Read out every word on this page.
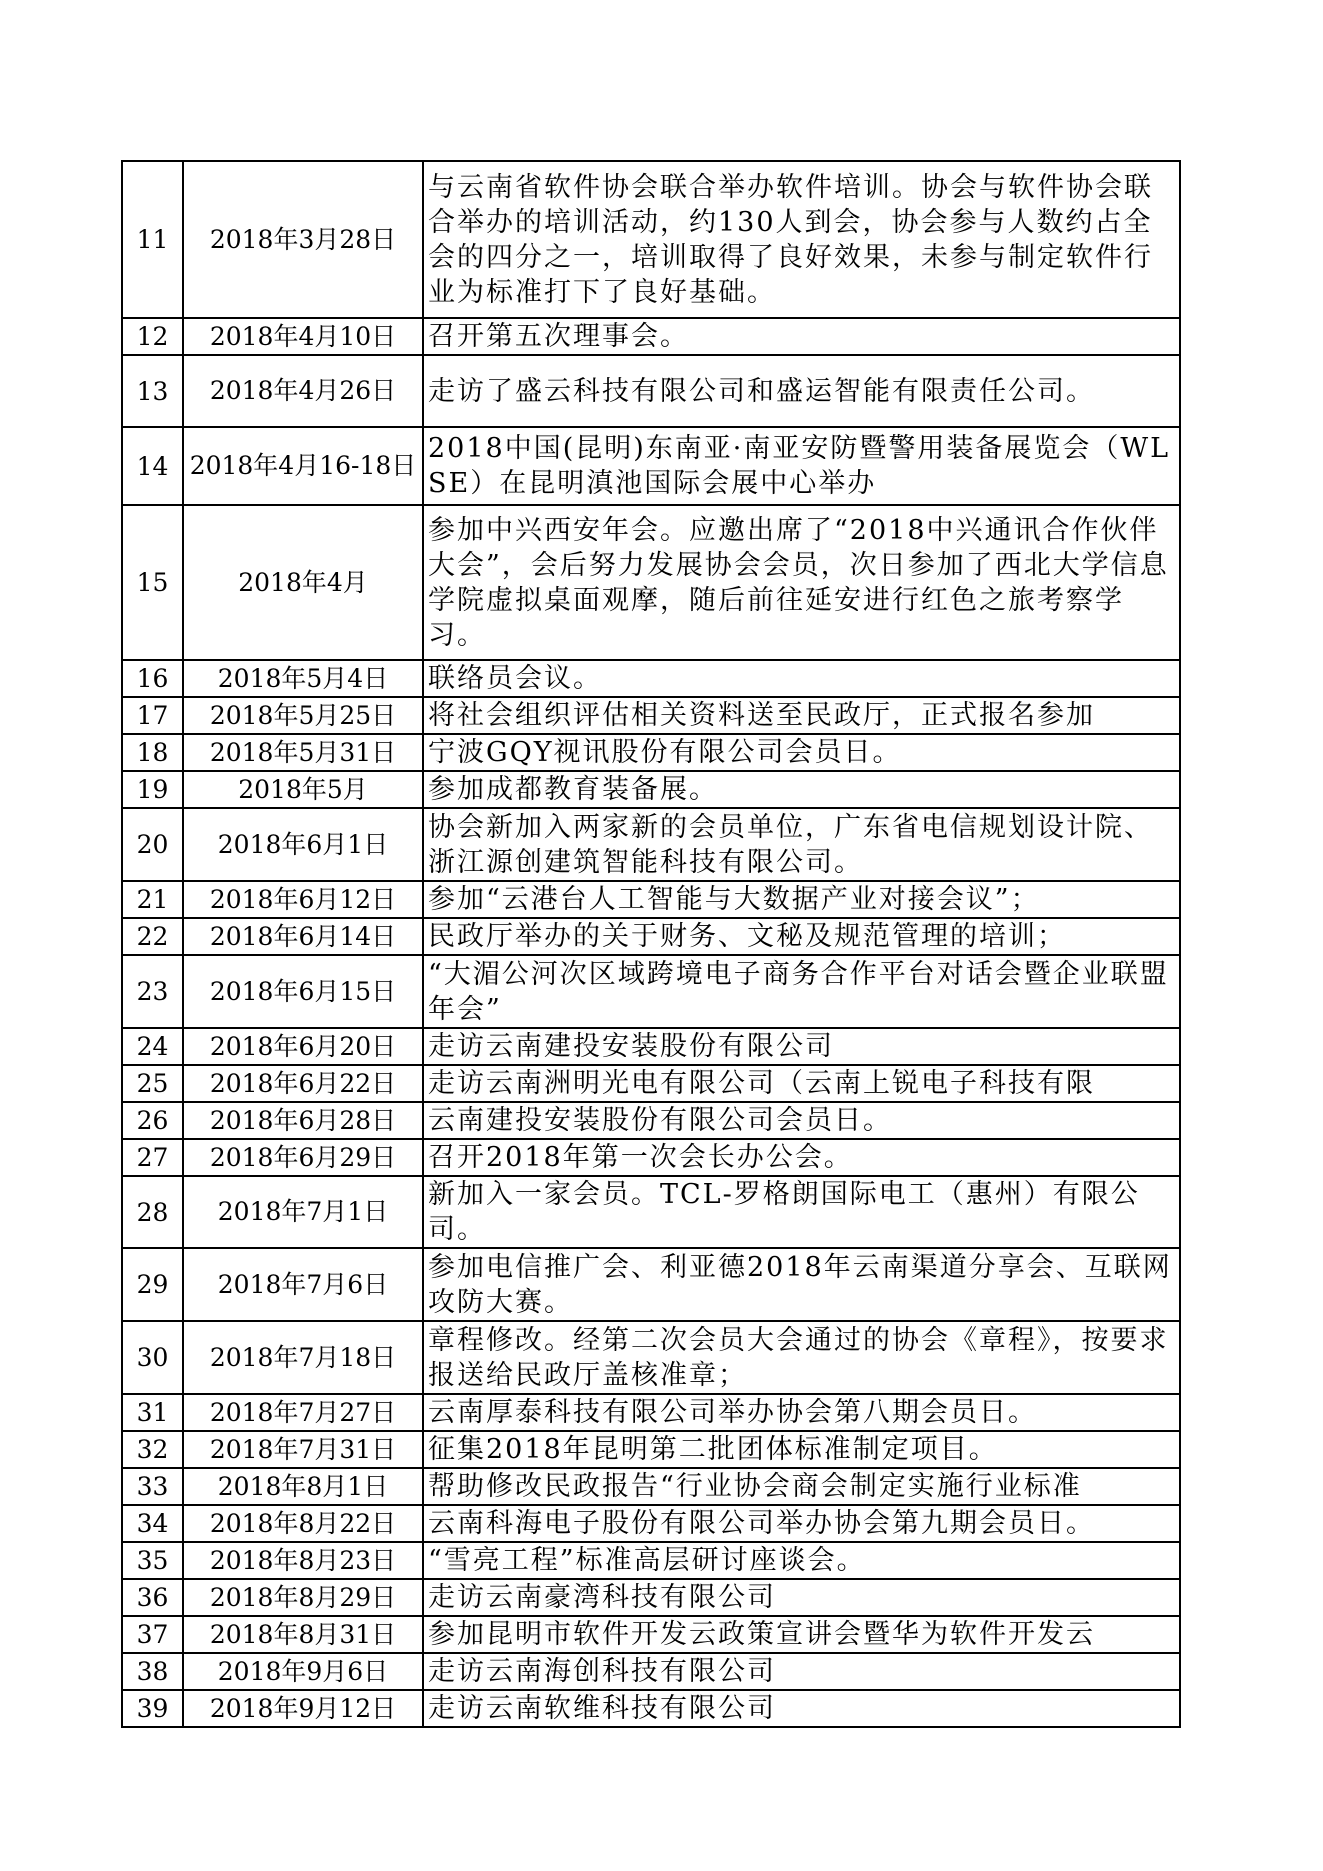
11	2018年3月28日	与云南省软件协会联合举办软件培训。协会与软件协会联合举办的培训活动，约130人到会，协会参与人数约占全会的四分之一，培训取得了良好效果，未参与制定软件行业为标准打下了良好基础。
12	2018年4月10日	召开第五次理事会。
13	2018年4月26日	走访了盛云科技有限公司和盛运智能有限责任公司。
14	2018年4月16-18日	2018中国(昆明)东南亚·南亚安防暨警用装备展览会（WLSE）在昆明滇池国际会展中心举办
15	2018年4月	参加中兴西安年会。应邀出席了“2018中兴通讯合作伙伴大会”，会后努力发展协会会员，次日参加了西北大学信息学院虚拟桌面观摩，随后前往延安进行红色之旅考察学习。
16	2018年5月4日	联络员会议。
17	2018年5月25日	将社会组织评估相关资料送至民政厅，正式报名参加
18	2018年5月31日	宁波GQY视讯股份有限公司会员日。
19	2018年5月	参加成都教育装备展。
20	2018年6月1日	协会新加入两家新的会员单位，广东省电信规划设计院、浙江源创建筑智能科技有限公司。
21	2018年6月12日	参加“云港台人工智能与大数据产业对接会议”；
22	2018年6月14日	民政厅举办的关于财务、文秘及规范管理的培训；
23	2018年6月15日	“大湄公河次区域跨境电子商务合作平台对话会暨企业联盟年会”
24	2018年6月20日	走访云南建投安装股份有限公司
25	2018年6月22日	走访云南洲明光电有限公司（云南上锐电子科技有限
26	2018年6月28日	云南建投安装股份有限公司会员日。
27	2018年6月29日	召开2018年第一次会长办公会。
28	2018年7月1日	新加入一家会员。TCL-罗格朗国际电工（惠州）有限公司。
29	2018年7月6日	参加电信推广会、利亚德2018年云南渠道分享会、互联网攻防大赛。
30	2018年7月18日	章程修改。经第二次会员大会通过的协会《章程》，按要求报送给民政厅盖核准章；
31	2018年7月27日	云南厚泰科技有限公司举办协会第八期会员日。
32	2018年7月31日	征集2018年昆明第二批团体标准制定项目。
33	2018年8月1日	帮助修改民政报告“行业协会商会制定实施行业标准
34	2018年8月22日	云南科海电子股份有限公司举办协会第九期会员日。
35	2018年8月23日	“雪亮工程”标准高层研讨座谈会。
36	2018年8月29日	走访云南豪湾科技有限公司
37	2018年8月31日	参加昆明市软件开发云政策宣讲会暨华为软件开发云
38	2018年9月6日	走访云南海创科技有限公司
39	2018年9月12日	走访云南软维科技有限公司
